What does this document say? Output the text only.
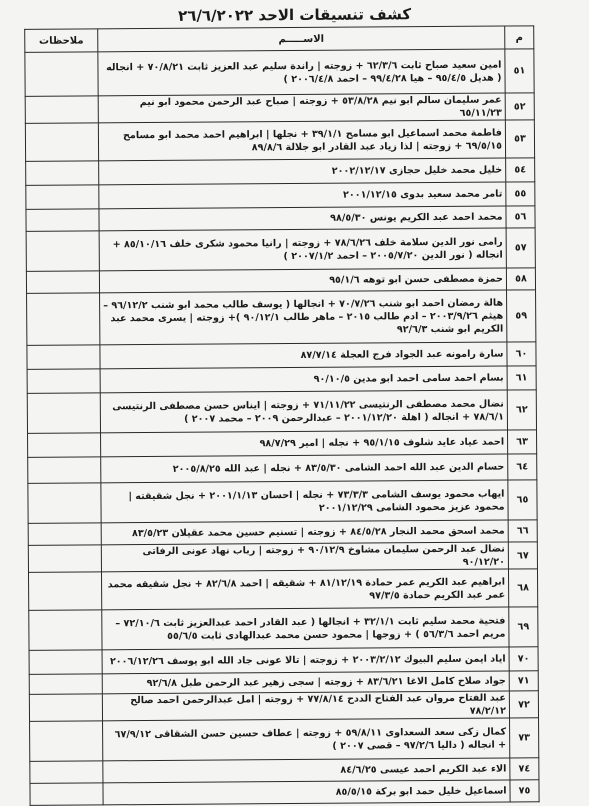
كشف تنسيقات الاحد ٢٦/٦/٢٠٢٢
م	الاســـــم	ملاحظات
٥١	امين سعيد صباح ثابت ٦٢/٣/٦ + زوجته | راندة سليم عبد العزيز ثابت ٧٠/٨/٢١ + انجاله ( هديل ٩٥/٤/٥ – هيا ٩٩/٤/٢٨ – احمد ٢٠٠٦/٤/٨ )	
٥٢	عمر سليمان سالم ابو نيم ٥٣/٨/٢٨ + زوجته | صباح عبد الرحمن محمود ابو نيم ٦٥/١١/٢٣	
٥٣	فاطمة محمد اسماعيل ابو مسامح ٣٩/١/١ + نجلها | ابراهيم احمد محمد ابو مسامح ٦٩/٥/١٥ + زوجته | لذا زياد عبد القادر ابو جلالة ٨٩/٨/٦	
٥٤	خليل محمد خليل حجازى ٢٠٠٢/١٢/١٧	
٥٥	تامر محمد سعيد بدوى ٢٠٠١/١٢/١٥	
٥٦	محمد احمد عبد الكريم يونس ٩٨/٥/٣٠	
٥٧	رامى نور الدين سلامة خلف ٧٨/٦/٢٦ + زوجته | رانيا محمود شكرى خلف ٨٥/١٠/١٦ + انجاله ( نور الدين ٢٠٠٥/٧/٢٠ – احمد ٢٠٠٧/١/٢ )	
٥٨	حمزة مصطفى حسن ابو توهه ٩٥/١/٦	
٥٩	هالة رمضان احمد ابو شنب ٧٠/٧/٢٦ + انجالها ( يوسف طالب محمد ابو شنب ٩٦/١٢/٢ – هيثم ٢٠٠٣/٩/٢٦ – ادم طالب ٢٠١٥ – ماهر طالب ٩٠/١٢/١ )+ زوجته | يسرى محمد عبد الكريم ابو شنب ٩٢/٦/٣	
٦٠	سارة رامونه عبد الجواد فرج العجلة ٨٧/٧/١٤	
٦١	بسام احمد سامى احمد ابو مدين ٩٠/١٠/٥	
٦٢	نضال محمد مصطفى الرنتيسى ٧١/١١/٢٢ + زوجته | ايناس حسن مصطفى الرنتيسى ٧٨/٦/١ + انجاله ( اهلة ٢٠٠١/١٢/٢٠ – عبدالرحمن ٢٠٠٩ – محمد ٢٠٠٧ )	
٦٣	احمد عياد عايد شلوف ٩٥/١/١٥ + نجله | امير ٩٨/٧/٢٩	
٦٤	حسام الدين عبد الله احمد الشامى ٨٣/٥/٣٠ + نجله | عبد الله ٢٠٠٥/٨/٢٥	
٦٥	ايهاب محمود يوسف الشامى ٧٣/٣/٣ + نجله | احسان ٢٠٠١/١/١٣ + نجل شقيقته | محمود عزيز محمود الشامى ٢٠٠١/١٢/٢٩	
٦٦	محمد اسحق محمد النجار ٨٤/٥/٢٨ + زوجته | تسنيم حسين محمد عقيلان ٨٣/٥/٢٣	
٦٧	نضال عبد الرحمن سليمان مشاوخ ٩٠/١٢/٩ + زوجته | رباب نهاد عونى الرفاتى ٩٠/١٢/٢٠	
٦٨	ابراهيم عبد الكريم عمر حمادة ٨١/١٢/١٩ + شقيقه | احمد ٨٢/٦/٨ + نجل شقيقه محمد عمر عبد الكريم حمادة ٩٧/٣/٥	
٦٩	فتحية محمد سليم ثابت ٣٢/١/١ + انجالها ( عبد القادر احمد عبدالعزيز ثابت ٧٢/١٠/٦ – مريم احمد ٥٦/٣/٦ ) + زوجها | محمود حسن محمد عبدالهادى ثابت ٥٥/٦/٥	
٧٠	اياد ايمن سليم البيوك ٢٠٠٣/٢/١٢ + زوجته | تالا عونى جاد الله ابو يوسف ٢٠٠٦/١٢/٢٦	
٧١	جواد صلاح كامل الاغا ٨٣/٦/٢١ + زوجته | سجى زهير عبد الرحمن طبل ٩٢/٦/٨	
٧٢	عبد الفتاح مروان عبد الفتاح الددح ٧٧/٨/١٤ + زوجته | امل عبدالرحمن احمد صالح ٧٨/٢/١٢	
٧٣	كمال زكى سعد السعداوى ٥٩/٨/١١ + زوجته | عطاف حسين حسن الشقاقى ٦٧/٩/١٢ + انجاله ( داليا ٩٧/٢/٦ – قصى ٢٠٠٧ )	
٧٤	الاء عبد الكريم احمد عيسى ٨٤/٦/٢٥	
٧٥	اسماعيل خليل حمد ابو بركة ٨٥/٥/١٥	
